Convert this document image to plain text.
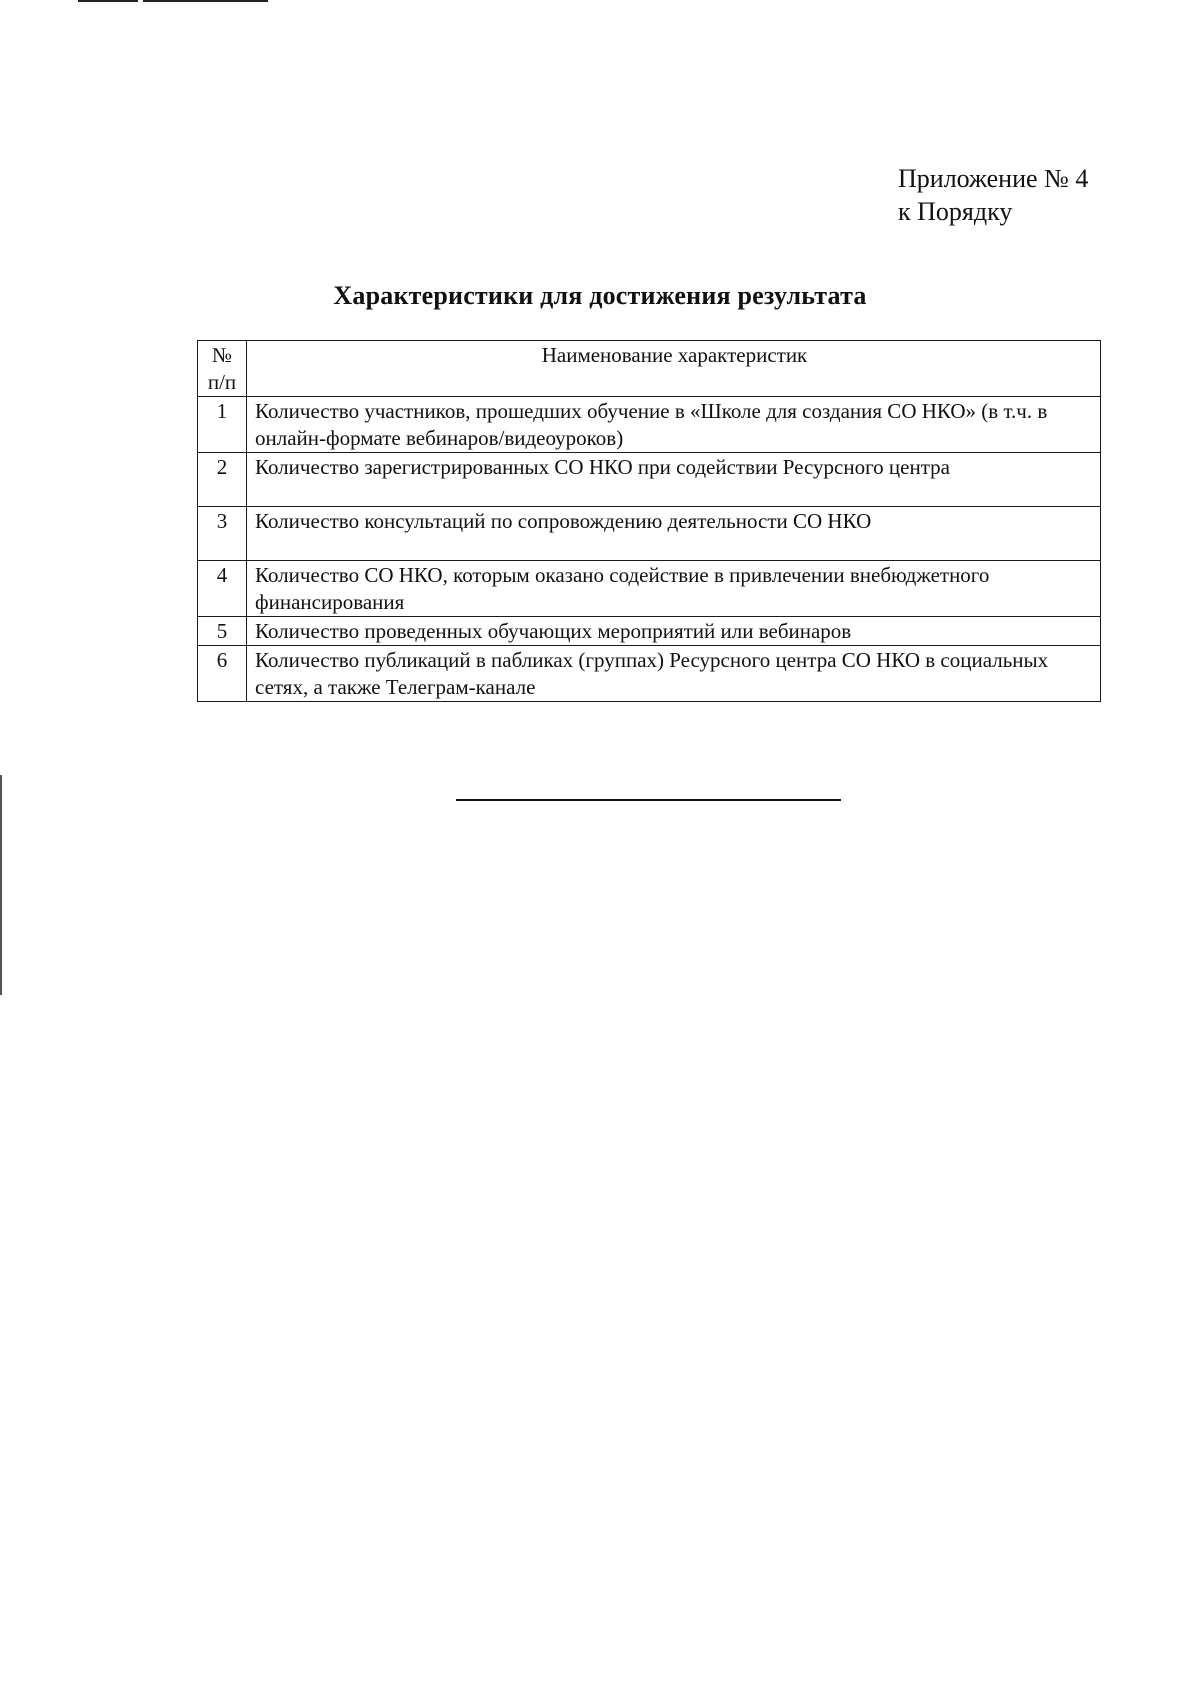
Приложение № 4
к Порядку
Характеристики для достижения результата
№ п/п	Наименование характеристик
1	Количество участников, прошедших обучение в «Школе для создания СО НКО» (в т.ч. в онлайн-формате вебинаров/видеоуроков)
2	Количество зарегистрированных СО НКО при содействии Ресурсного центра
3	Количество консультаций по сопровождению деятельности СО НКО
4	Количество СО НКО, которым оказано содействие в привлечении внебюджетного финансирования
5	Количество проведенных обучающих мероприятий или вебинаров
6	Количество публикаций в пабликах (группах) Ресурсного центра СО НКО в социальных сетях, а также Телеграм-канале
